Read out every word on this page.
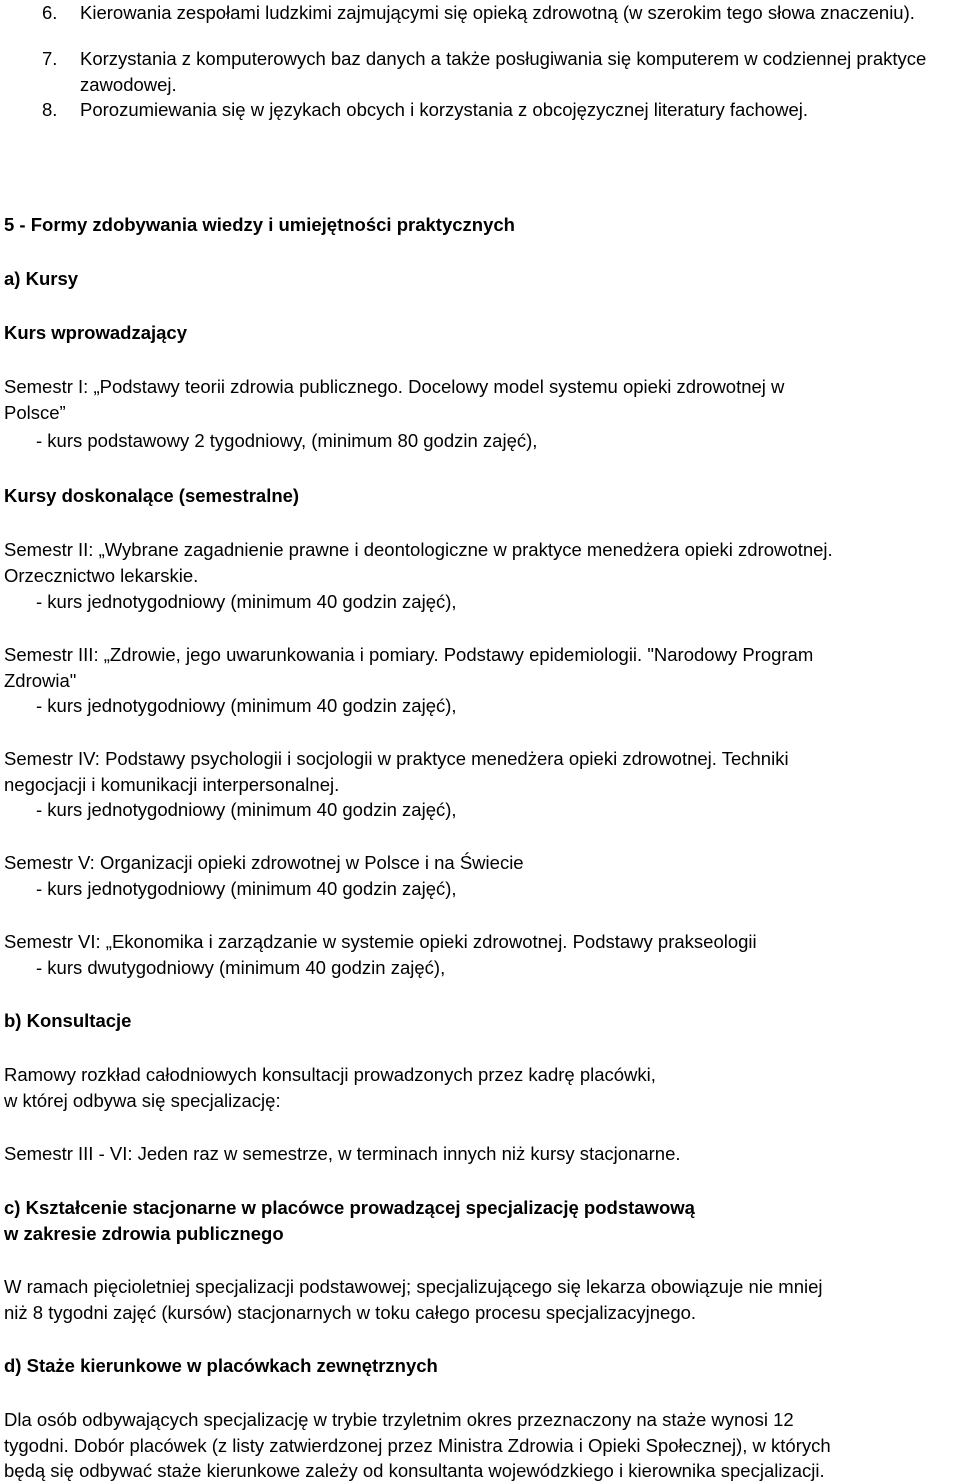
6.	Kierowania zespołami ludzkimi zajmującymi się opieką zdrowotną (w szerokim tego słowa znaczeniu).
7.	Korzystania z komputerowych baz danych a także posługiwania się komputerem w codziennej praktyce zawodowej.
8.	Porozumiewania się w językach obcych i korzystania z obcojęzycznej literatury fachowej.
5 - Formy zdobywania wiedzy i umiejętności praktycznych
a) Kursy
Kurs wprowadzający
Semestr I: „Podstawy teorii zdrowia publicznego. Docelowy model systemu opieki zdrowotnej w
Polsce”
- kurs podstawowy 2 tygodniowy, (minimum 80 godzin zajęć),
Kursy doskonalące (semestralne)
Semestr II: „Wybrane zagadnienie prawne i deontologiczne w praktyce menedżera opieki zdrowotnej.
Orzecznictwo lekarskie.
- kurs jednotygodniowy (minimum 40 godzin zajęć),
Semestr III: „Zdrowie, jego uwarunkowania i pomiary. Podstawy epidemiologii. "Narodowy Program
Zdrowia"
- kurs jednotygodniowy (minimum 40 godzin zajęć),
Semestr IV: Podstawy psychologii i socjologii w praktyce menedżera opieki zdrowotnej. Techniki
negocjacji i komunikacji interpersonalnej.
- kurs jednotygodniowy (minimum 40 godzin zajęć),
Semestr V: Organizacji opieki zdrowotnej w Polsce i na Świecie
- kurs jednotygodniowy (minimum 40 godzin zajęć),
Semestr VI: „Ekonomika i zarządzanie w systemie opieki zdrowotnej. Podstawy prakseologii
- kurs dwutygodniowy (minimum 40 godzin zajęć),
b) Konsultacje
Ramowy rozkład całodniowych konsultacji prowadzonych przez kadrę placówki,
w której odbywa się specjalizację:
Semestr III - VI: Jeden raz w semestrze, w terminach innych niż kursy stacjonarne.
c) Kształcenie stacjonarne w placówce prowadzącej specjalizację podstawową
w zakresie zdrowia publicznego
W ramach pięcioletniej specjalizacji podstawowej; specjalizującego się lekarza obowiązuje nie mniej
niż 8 tygodni zajęć (kursów) stacjonarnych w toku całego procesu specjalizacyjnego.
d) Staże kierunkowe w placówkach zewnętrznych
Dla osób odbywających specjalizację w trybie trzyletnim okres przeznaczony na staże wynosi 12
tygodni. Dobór placówek (z listy zatwierdzonej przez Ministra Zdrowia i Opieki Społecznej), w których
będą się odbywać staże kierunkowe zależy od konsultanta wojewódzkiego i kierownika specjalizacji.
